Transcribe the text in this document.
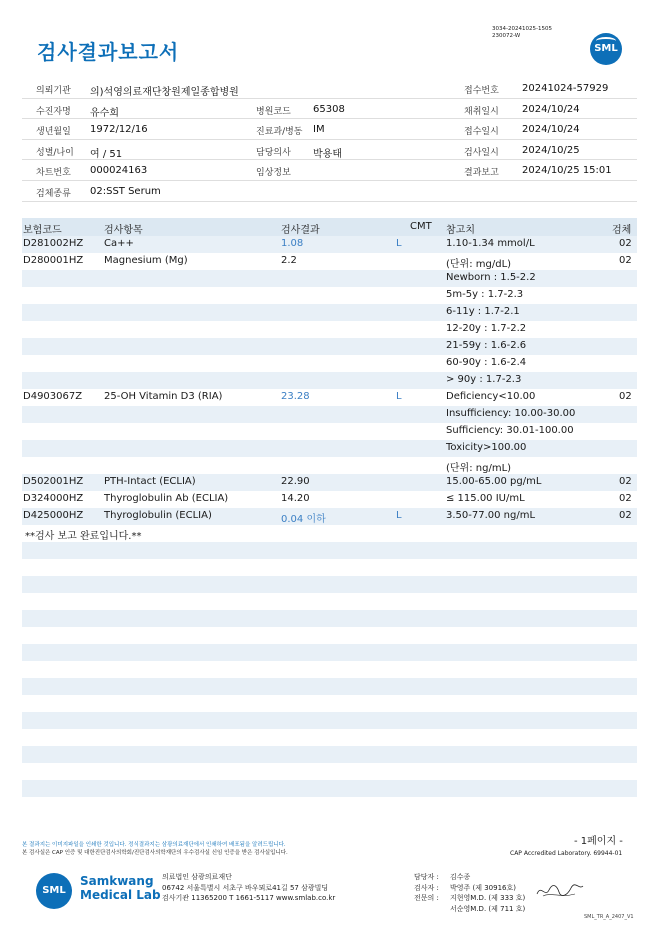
3034-20241025-1505
230072-W
검사결과보고서	SML
의뢰기관 의)석영의료재단창원제일종합병원	접수번호 20241024-57929
수진자명 유수희	병원코드 65308	채취일시 2024/10/24
생년월일 1972/12/16	진료과/병동 IM	접수일시 2024/10/24
성별/나이 여 / 51	담당의사 박용태	검사일시 2024/10/25
차트번호 000024163	임상정보	결과보고 2024/10/25 15:01
검체종류 02:SST Serum
보험코드	검사항목	검사결과	CMT 참고치	검체
D281002HZ Ca++	1.08	L	1.10-1.34 mmol/L	02
D280001HZ Magnesium (Mg)	2.2	(단위: mg/dL)	02
Newborn : 1.5-2.2
5m-5y : 1.7-2.3
6-11y : 1.7-2.1
12-20y : 1.7-2.2
21-59y : 1.6-2.6
60-90y : 1.6-2.4
> 90y : 1.7-2.3
D4903067Z 25-OH Vitamin D3 (RIA)	23.28	L	Deficiency<10.00	02
Insufficiency: 10.00-30.00
Sufficiency: 30.01-100.00
Toxicity>100.00
(단위: ng/mL)
D502001HZ PTH-Intact (ECLIA)	22.90	15.00-65.00 pg/mL	02
D324000HZ Thyroglobulin Ab (ECLIA)	14.20	≤ 115.00 IU/mL	02
D425000HZ Thyroglobulin (ECLIA)	0.04 이하	L	3.50-77.00 ng/mL	02
**검사 보고 완료입니다.**
- 1페이지 -
본 결과지는 이미지파일을 인쇄한 것입니다. 정식결과지는 삼광의료재단에서 인쇄하여 배포됨을 알려드립니다.
본 검사실은 CAP 인증 및 대한진단검사의학회/진단검사의학재단의 우수검사실 신임 인증을 받은 검사실입니다.	CAP Accredited Laboratory. 69944-01
SML
Samkwang
Medical Lab
의료법인 삼광의료재단
06742 서울특별시 서초구 바우뫼로41길 57 삼광빌딩
검사기관 11365200 T 1661-5117 www.smlab.co.kr
담당자 : 김수종
검사자 : 박영주 (제 30916호)
전문의 : 지현영M.D. (제 333 호)
서순영M.D. (제 711 호)
SML_TR_A_2407_V1
